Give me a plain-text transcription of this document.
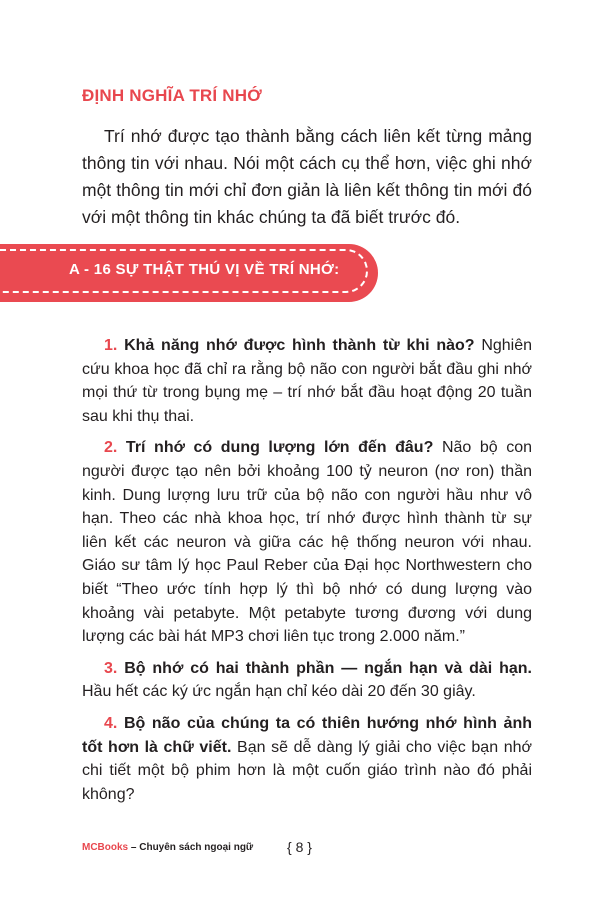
ĐỊNH NGHĨA TRÍ NHỚ

Trí nhớ được tạo thành bằng cách liên kết từng mảng thông tin với nhau. Nói một cách cụ thể hơn, việc ghi nhớ một thông tin mới chỉ đơn giản là liên kết thông tin mới đó với một thông tin khác chúng ta đã biết trước đó.

A - 16 SỰ THẬT THÚ VỊ VỀ TRÍ NHỚ:

1. Khả năng nhớ được hình thành từ khi nào? Nghiên cứu khoa học đã chỉ ra rằng bộ não con người bắt đầu ghi nhớ mọi thứ từ trong bụng mẹ – trí nhớ bắt đầu hoạt động 20 tuần sau khi thụ thai.

2. Trí nhớ có dung lượng lớn đến đâu? Não bộ con người được tạo nên bởi khoảng 100 tỷ neuron (nơ ron) thần kinh. Dung lượng lưu trữ của bộ não con người hầu như vô hạn. Theo các nhà khoa học, trí nhớ được hình thành từ sự liên kết các neuron và giữa các hệ thống neuron với nhau. Giáo sư tâm lý học Paul Reber của Đại học Northwestern cho biết “Theo ước tính hợp lý thì bộ nhớ có dung lượng vào khoảng vài petabyte. Một petabyte tương đương với dung lượng các bài hát MP3 chơi liên tục trong 2.000 năm.”

3. Bộ nhớ có hai thành phần — ngắn hạn và dài hạn. Hầu hết các ký ức ngắn hạn chỉ kéo dài 20 đến 30 giây.

4. Bộ não của chúng ta có thiên hướng nhớ hình ảnh tốt hơn là chữ viết. Bạn sẽ dễ dàng lý giải cho việc bạn nhớ chi tiết một bộ phim hơn là một cuốn giáo trình nào đó phải không?

MCBooks – Chuyên sách ngoại ngữ { 8 }
